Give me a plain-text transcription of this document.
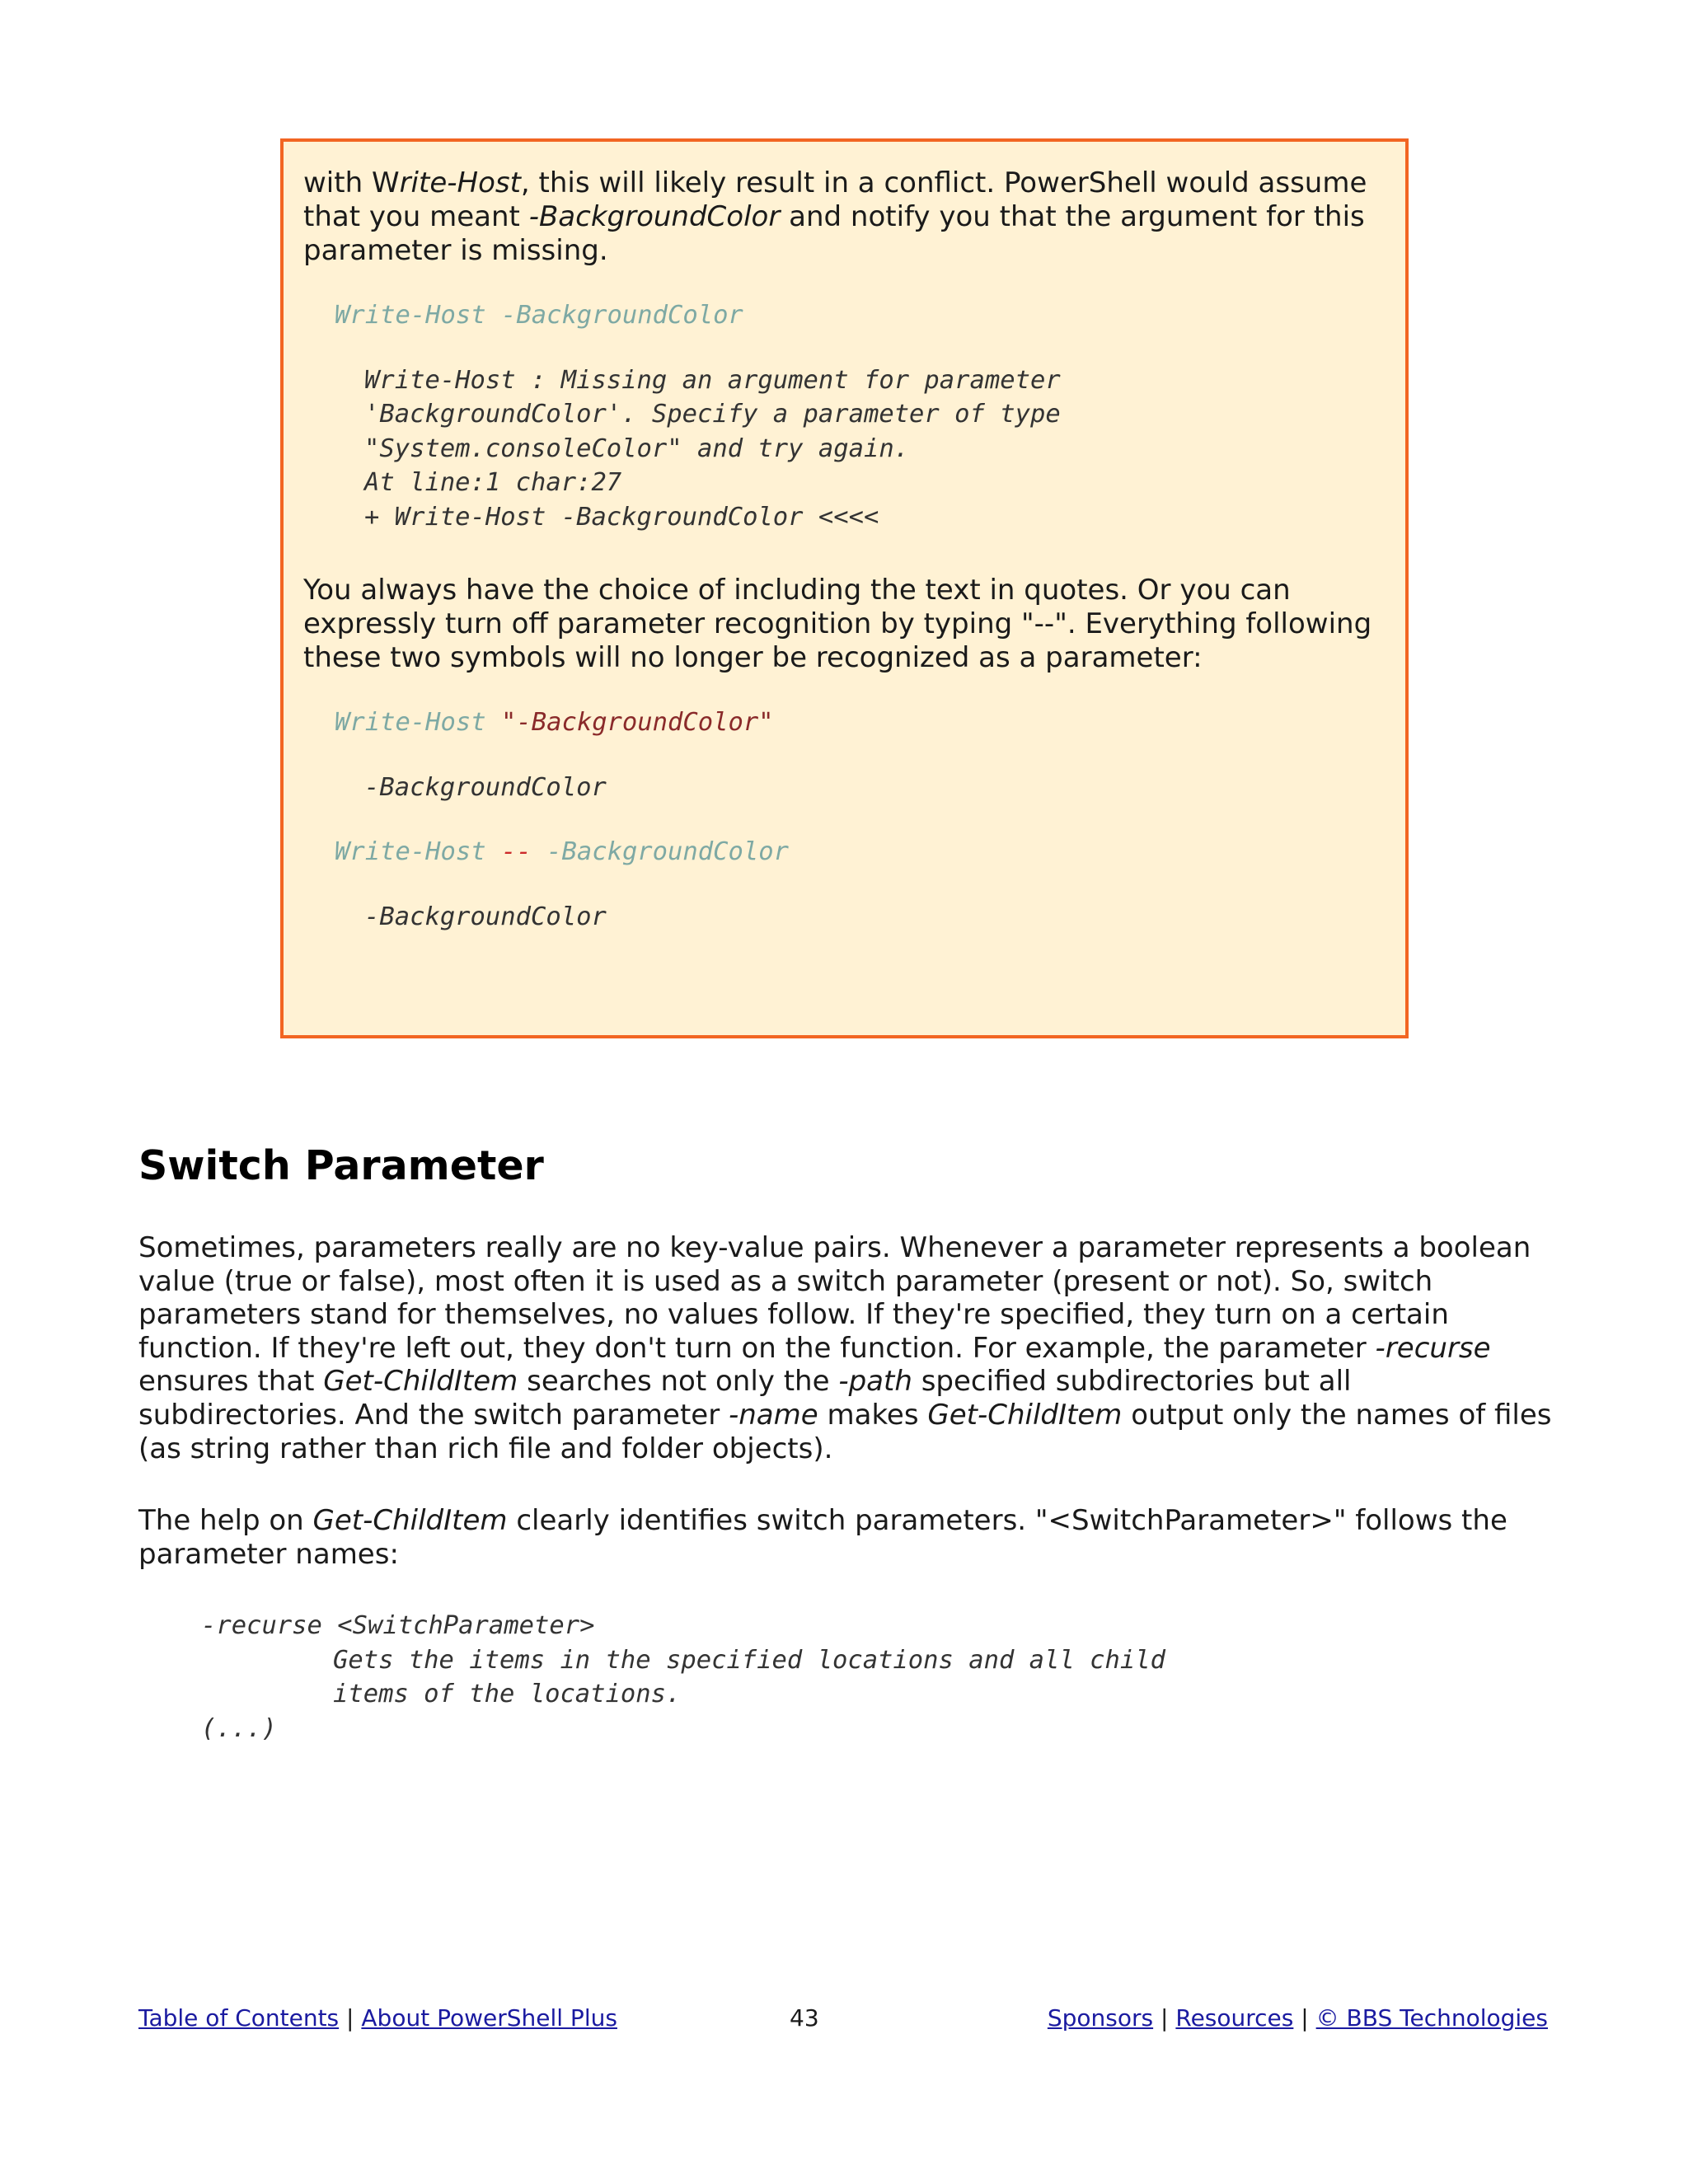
with Write-Host, this will likely result in a conflict. PowerShell would assume
that you meant -BackgroundColor and notify you that the argument for this
parameter is missing.

Write-Host -BackgroundColor

Write-Host : Missing an argument for parameter

'BackgroundColor'. Specify a parameter of type

"System.consoleColor" and try again.

At line:1 char:27

+ Write-Host -BackgroundColor <<<<

You always have the choice of including the text in quotes. Or you can
expressly turn off parameter recognition by typing "--". Everything following
these two symbols will no longer be recognized as a parameter:

Write-Host "-BackgroundColor"

-BackgroundColor

Write-Host -- -BackgroundColor

-BackgroundColor

Switch Parameter

Sometimes, parameters really are no key-value pairs. Whenever a parameter represents a boolean
value (true or false), most often it is used as a switch parameter (present or not). So, switch
parameters stand for themselves, no values follow. If they're specified, they turn on a certain
function. If they're left out, they don't turn on the function. For example, the parameter -recurse
ensures that Get-ChildItem searches not only the -path specified subdirectories but all
subdirectories. And the switch parameter -name makes Get-ChildItem output only the names of files
(as string rather than rich file and folder objects).

The help on Get-ChildItem clearly identifies switch parameters. "<SwitchParameter>" follows the
parameter names:

-recurse <SwitchParameter>

Gets the items in the specified locations and all child

items of the locations.

(...)

Table of Contents | About PowerShell Plus	43	Sponsors | Resources | © BBS Technologies
